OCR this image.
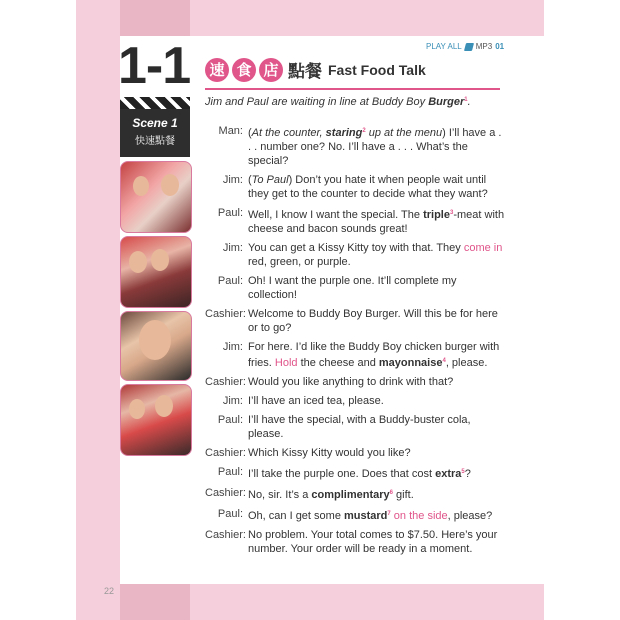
1-1	PLAY ALL MP3 01
速 食 店 點餐 Fast Food Talk
Jim and Paul are waiting in line at Buddy Boy Burger$^1$.
Scene 1
快速點餐
Man: (At the counter, staring$^2$ up at the menu) I’ll have a . . . number one? No. I’ll have a . . . What’s the special?
Jim: (To Paul) Don’t you hate it when people wait until they get to the counter to decide what they want?
Paul: Well, I know I want the special. The triple$^3$-meat with cheese and bacon sounds great!
Jim: You can get a Kissy Kitty toy with that. They come in red, green, or purple.
Paul: Oh! I want the purple one. It’ll complete my collection!
Cashier: Welcome to Buddy Boy Burger. Will this be for here or to go?
Jim: For here. I’d like the Buddy Boy chicken burger with fries. Hold the cheese and mayonnaise$^4$, please.
Cashier: Would you like anything to drink with that?
Jim: I’ll have an iced tea, please.
Paul: I’ll have the special, with a Buddy-buster cola, please.
Cashier: Which Kissy Kitty would you like?
Paul: I’ll take the purple one. Does that cost extra$^5$?
Cashier: No, sir. It’s a complimentary$^6$ gift.
Paul: Oh, can I get some mustard$^7$ on the side, please?
Cashier: No problem. Your total comes to $7.50. Here’s your number. Your order will be ready in a moment.
22
